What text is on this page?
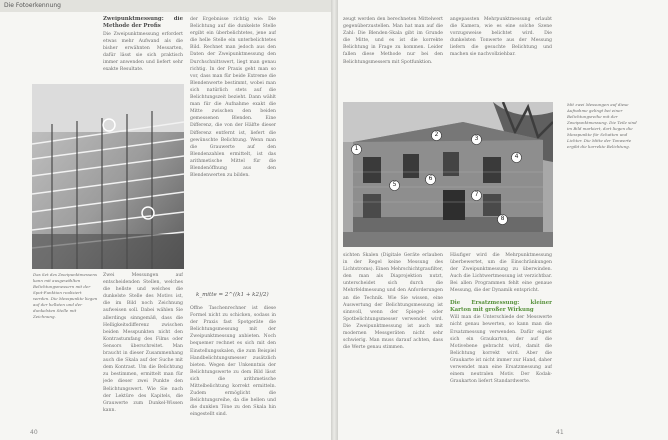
Die Fotoerkennung

Zweipunktmessung: die Methode der Profis

Die Zweipunktmessung erfordert etwas mehr Aufwand als die bisher erwähnten Messarten, dafür lässt sie sich praktisch immer anwenden und liefert sehr exakte Resultate.

Das Set des Zweipunktmessens kann mit ausgewählten Belichtungsmessern mit der Spot-Funktion realisiert werden. Die Messpunkte liegen auf der hellsten und der dunkelsten Stelle mit Zeichnung.

Zwei Messungen auf entscheidenden Stellen, welches die hellste und welches die dunkelste Stelle des Motivs ist, die im Bild noch Zeichnung aufweisen soll. Dabei wählen Sie allerdings sinngemäß, dass die Helligkeitsdifferenz zwischen beiden Messpunkten nicht den Kontrastumfang des Films oder Sensors überschreitet. Man braucht in dieser Zusammenhang auch die Skala auf der Suche mit dem Kontrast. Um die Belichtung zu bestimmen, ermittelt man für jede dieser zwei Punkte den Belichtungswert. Wie Sie nach der Lektüre des Kapitels, die Grauwerte zum Dunkel-Wissen kann.

der Ergebnisse richtig wie: Die Belichtung auf die dunkelste Stelle ergibt ein überbelichtetes, jene auf die helle Stelle ein unterbelichtetes Bild. Rechnet man jedoch aus den Daten der Zweipunktmessung den Durchschnittswert, liegt man genau richtig. In der Praxis geht man so vor, dass man für beide Extreme die Blendenwerte bestimmt, wobei man sich natürlich stets auf die Belichtungszeit bezieht. Dann wählt man für die Aufnahme exakt die Mitte zwischen den beiden gemessenen Blenden. Eine Differenz, die von der Hälfte dieser Differenz entfernt ist, liefert die gewünschte Belichtung. Wenn man die Grauwerte auf den Blendenzahlen ermittelt, ist das arithmetische Mittel für die Blendenöffnung aus den Blendenwerten zu bilden.

k_mitte = 2^((k1 + k2)/2)

Öffne Taschenrechner ist diese Formel nicht zu schicken, sodass in der Praxis fast Spotgeräte die Belichtungsmessung mit der Zweipunktmessung anbieten. Noch bequemer rechnet es sich mit den Einstellungsskalen, die zum Beispiel Handbelichtungsmesser zusätzlich bieten. Wegen der Unkenntnis der Belichtungswerte zu dem Bild lässt sich die arithmetische Mittelbelichtung korrekt ermitteln. Zudem ermöglicht die Belichtungsreihe, da die hellen und die dunklen Töne zu den Skala hin eingestellt sind.

40

zeugt werden den berechneten Mittelwert gegenüberzustellen. Man hat man auf die Zahl: Die Blenden-Skala gibt im Grunde die Mitte, und es ist die korrekte Belichtung in Frage zu kommen. Leider fallen diese Methode nur bei den Belichtungsmessern mit Spotfunktion.

angepassten Mehrpunktmessung erlaubt die Kamera, wie es eine solche Szene vorzugsweise belichtet wird. Die dunkelsten Tonwerte aus der Messung liefern die gesuchte Belichtung und machen sie nachvollziehbar.

1
2
3
4
5
6
7
8
Mit zwei Messungen auf diese Aufnahme gelingt bei einer Belichtungsreihe mit der Zweipunktmessung. Die Teile sind im Bild markiert, dort liegen die Messpunkte für Schatten und Lichter. Die Mitte der Tonwerte ergibt die korrekte Belichtung.

sichten Skalen (Digitale Geräte erlauben in der Regel keine Messung des Lichtstroms). Einen Mehrschichtgraufilter, den man als Diaprojektion nutzt, unterscheidet sich durch die Mehrfeldmessung und den Anforderungen an die Technik. Wie Sie wissen, eine Auswertung der Belichtungsmessung ist sinnvoll, wenn der Spiegel- oder Spotbelichtungsmesser verwendet wird. Die Zweipunktmessung ist auch mit modernen Messgeräten nicht sehr schwierig. Man muss darauf achten, dass die Werte genau stimmen.

Häufiger wird die Mehrpunktmessung überbewertet, um die Einschränkungen der Zweipunktmessung zu überwinden. Auch die Lichtwertmessung ist verzichtbar. Bei allen Programmen fehlt eine genaue Messung, die der Dynamik entspricht.

Die Ersatzmessung: kleiner Karton mit großer Wirkung

Will man die Unterschiede der Messwerte nicht genau bewerten, so kann man die Ersatzmessung verwenden. Dafür eignet sich ein Graukarton, der auf die Motivebene gebracht wird, damit die Belichtung korrekt wird. Aber die Graukarte ist nicht immer zur Hand, daher verwendet man eine Ersatzmessung auf einem neutralen Motiv. Der Kodak-Graukarton liefert Standardwerte.

41
